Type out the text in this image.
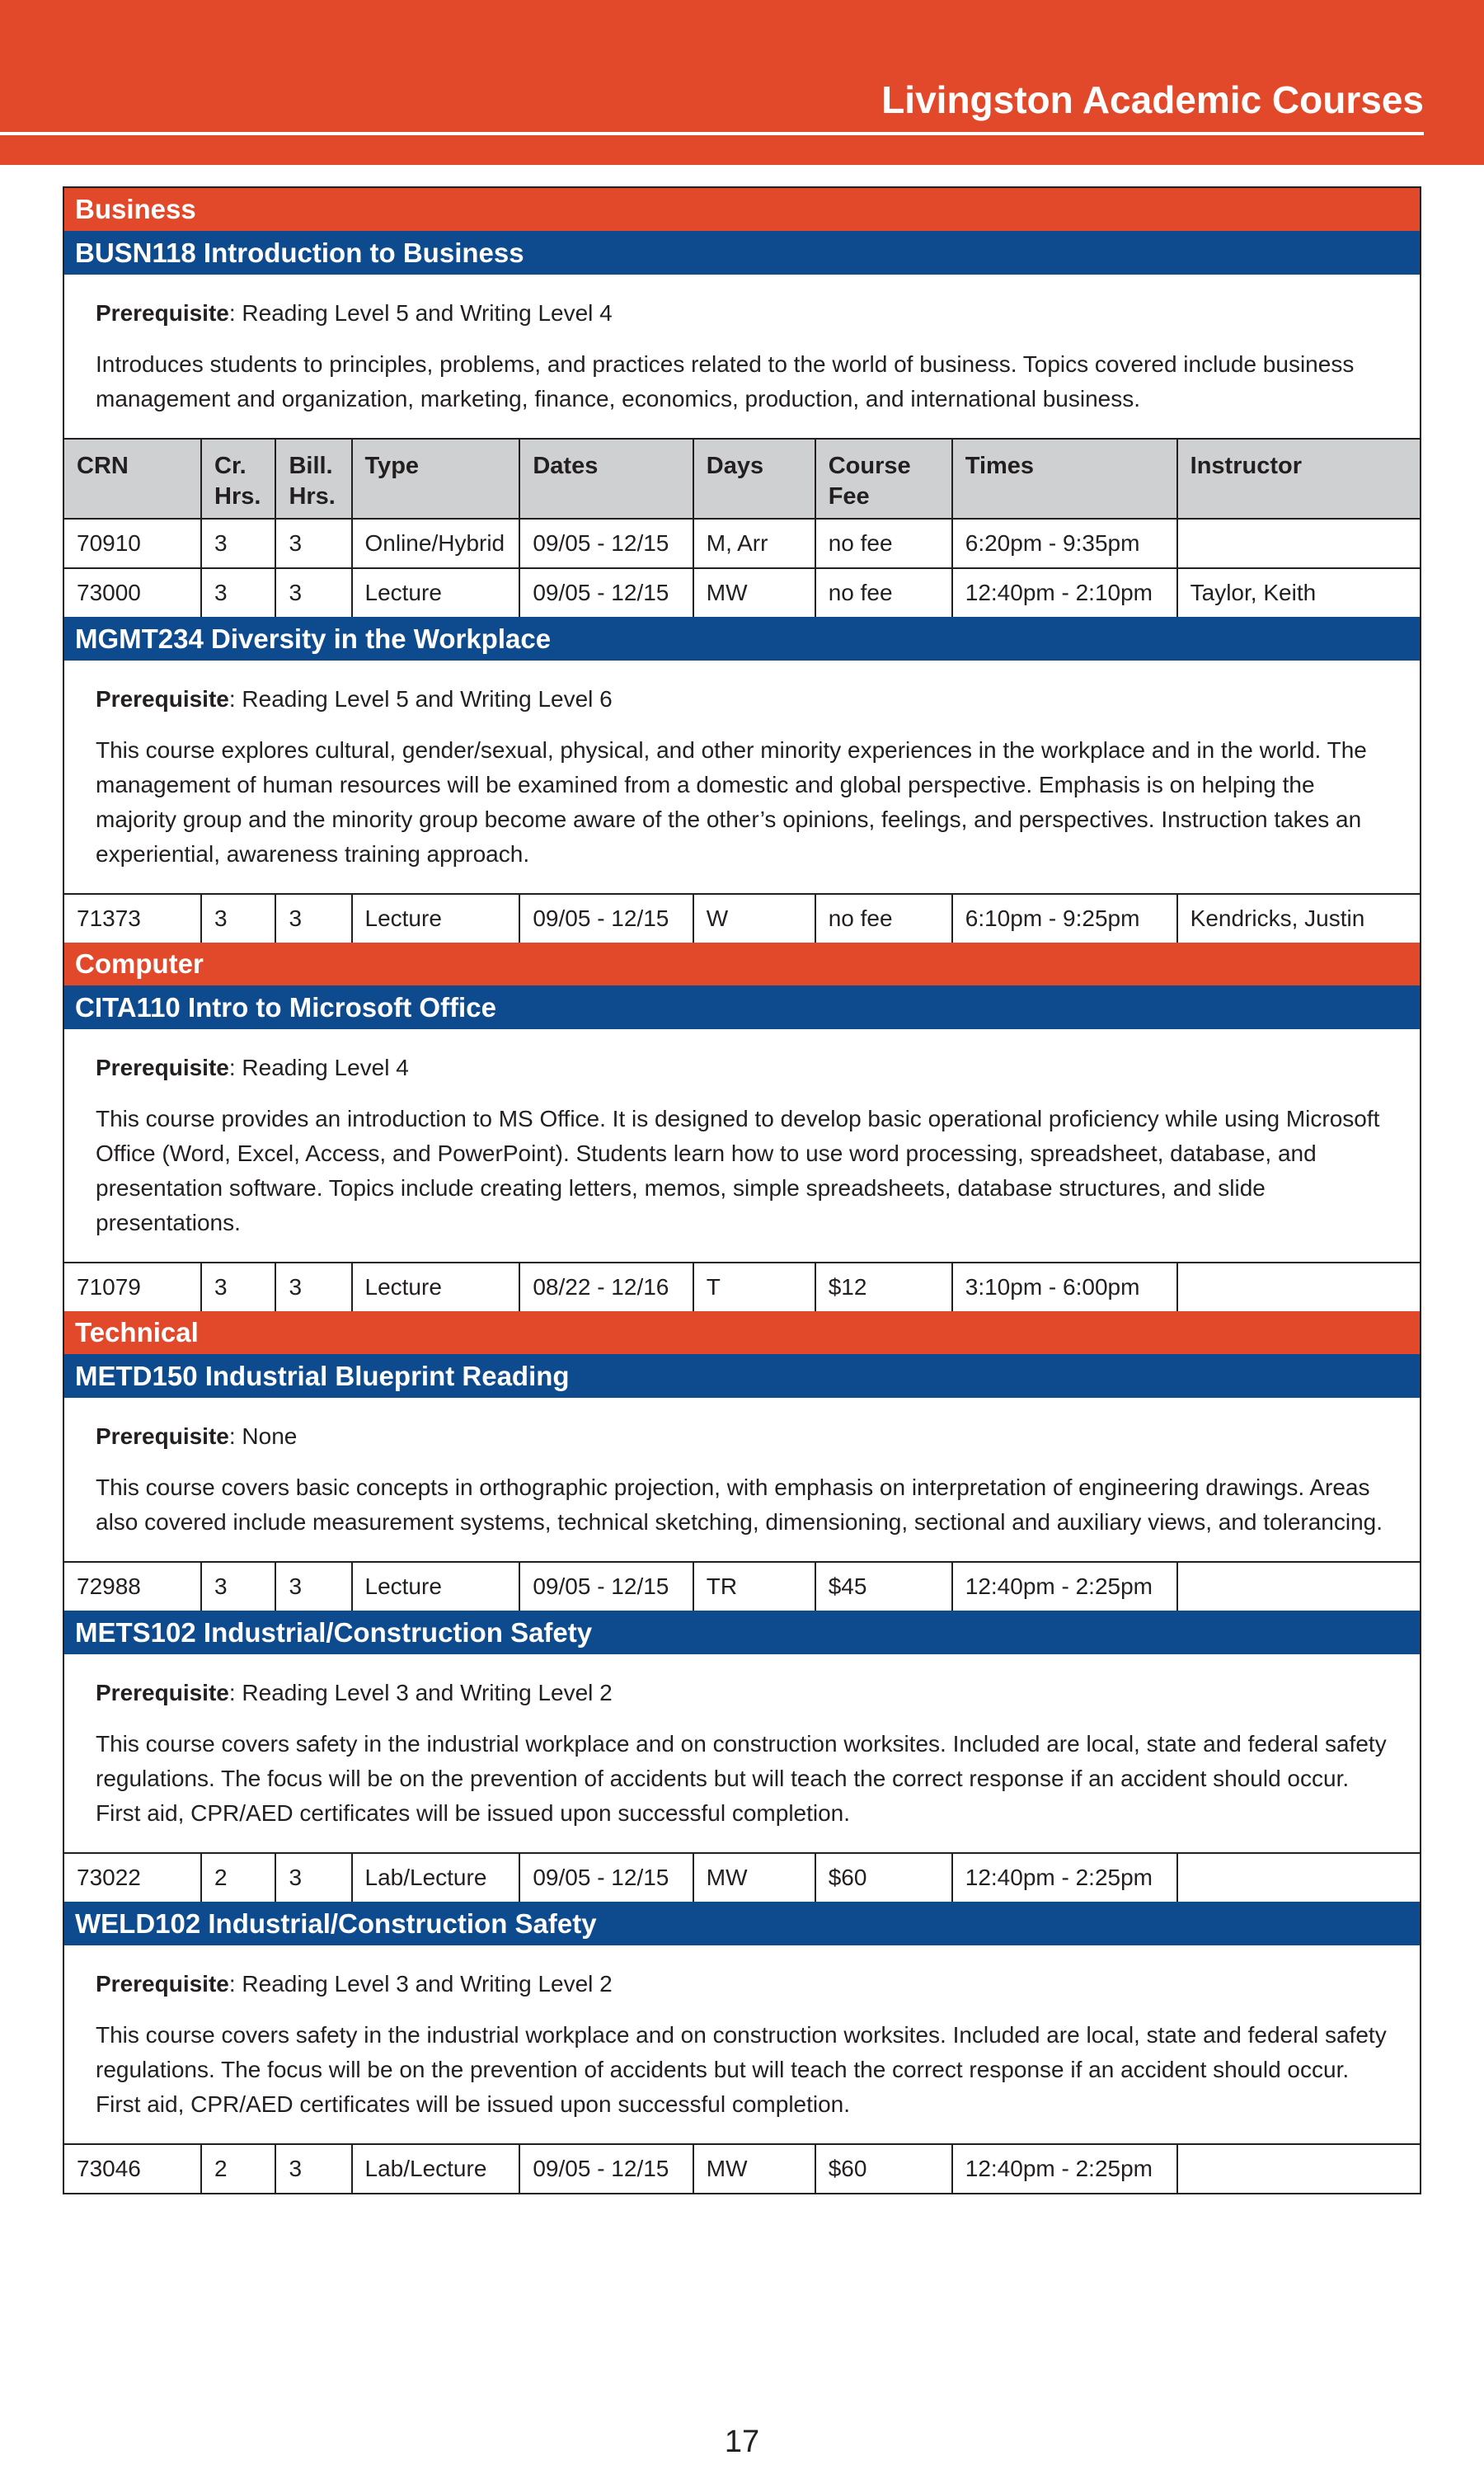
Livingston Academic Courses
Business
BUSN118 Introduction to Business

Prerequisite: Reading Level 5 and Writing Level 4

Introduces students to principles, problems, and practices related to the world of business. Topics covered include business management and organization, marketing, finance, economics, production, and international business.

CRN	Cr. Hrs.	Bill. Hrs.	Type	Dates	Days	Course Fee	Times	Instructor
70910	3	3	Online/Hybrid	09/05 - 12/15	M, Arr	no fee	6:20pm - 9:35pm	
73000	3	3	Lecture	09/05 - 12/15	MW	no fee	12:40pm - 2:10pm	Taylor, Keith
MGMT234 Diversity in the Workplace

Prerequisite: Reading Level 5 and Writing Level 6

This course explores cultural, gender/sexual, physical, and other minority experiences in the workplace and in the world. The management of human resources will be examined from a domestic and global perspective. Emphasis is on helping the majority group and the minority group become aware of the other’s opinions, feelings, and perspectives. Instruction takes an experiential, awareness training approach.

71373	3	3	Lecture	09/05 - 12/15	W	no fee	6:10pm - 9:25pm	Kendricks, Justin
Computer
CITA110 Intro to Microsoft Office

Prerequisite: Reading Level 4

This course provides an introduction to MS Office. It is designed to develop basic operational proficiency while using Microsoft Office (Word, Excel, Access, and PowerPoint). Students learn how to use word processing, spreadsheet, database, and presentation software. Topics include creating letters, memos, simple spreadsheets, database structures, and slide presentations.

71079	3	3	Lecture	08/22 - 12/16	T	$12	3:10pm - 6:00pm	
Technical
METD150 Industrial Blueprint Reading

Prerequisite: None

This course covers basic concepts in orthographic projection, with emphasis on interpretation of engineering drawings. Areas also covered include measurement systems, technical sketching, dimensioning, sectional and auxiliary views, and tolerancing.

72988	3	3	Lecture	09/05 - 12/15	TR	$45	12:40pm - 2:25pm	
METS102 Industrial/Construction Safety

Prerequisite: Reading Level 3 and Writing Level 2

This course covers safety in the industrial workplace and on construction worksites. Included are local, state and federal safety regulations. The focus will be on the prevention of accidents but will teach the correct response if an accident should occur. First aid, CPR/AED certificates will be issued upon successful completion.

73022	2	3	Lab/Lecture	09/05 - 12/15	MW	$60	12:40pm - 2:25pm	
WELD102 Industrial/Construction Safety

Prerequisite: Reading Level 3 and Writing Level 2

This course covers safety in the industrial workplace and on construction worksites. Included are local, state and federal safety regulations. The focus will be on the prevention of accidents but will teach the correct response if an accident should occur. First aid, CPR/AED certificates will be issued upon successful completion.

73046	2	3	Lab/Lecture	09/05 - 12/15	MW	$60	12:40pm - 2:25pm	
17
